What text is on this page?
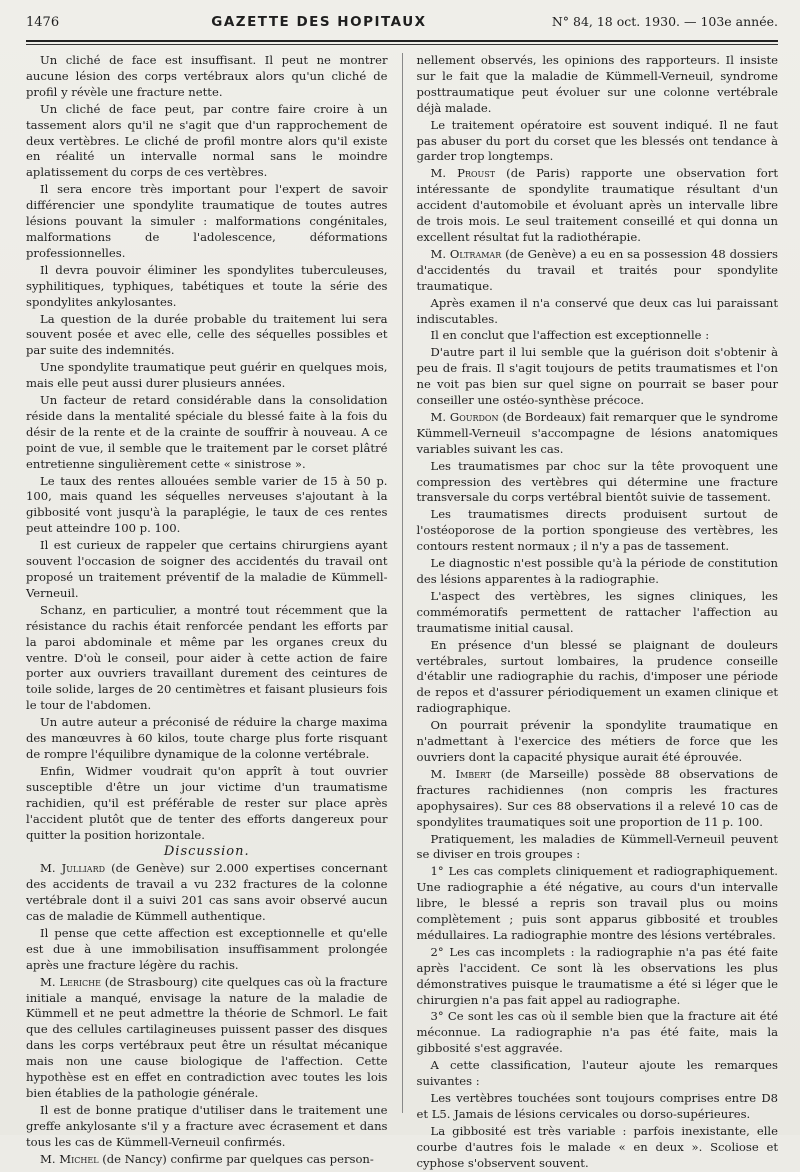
1476	GAZETTE DES HOPITAUX	N° 84, 18 oct. 1930. — 103e année.

Un cliché de face est insuffisant. Il peut ne montrer aucune lésion des corps vertébraux alors qu'un cliché de profil y révèle une fracture nette.

Un cliché de face peut, par contre faire croire à un tassement alors qu'il ne s'agit que d'un rapprochement de deux vertèbres. Le cliché de profil montre alors qu'il existe en réalité un intervalle normal sans le moindre aplatissement du corps de ces vertèbres.

Il sera encore très important pour l'expert de savoir différencier une spondylite traumatique de toutes autres lésions pouvant la simuler : malformations congénitales, malformations de l'adolescence, déformations professionnelles.

Il devra pouvoir éliminer les spondylites tuberculeuses, syphilitiques, typhiques, tabétiques et toute la série des spondylites ankylosantes.

La question de la durée probable du traitement lui sera souvent posée et avec elle, celle des séquelles possibles et par suite des indemnités.

Une spondylite traumatique peut guérir en quelques mois, mais elle peut aussi durer plusieurs années.

Un facteur de retard considérable dans la consolidation réside dans la mentalité spéciale du blessé faite à la fois du désir de la rente et de la crainte de souffrir à nouveau. A ce point de vue, il semble que le traitement par le corset plâtré entretienne singulièrement cette « sinistrose ».

Le taux des rentes allouées semble varier de 15 à 50 p. 100, mais quand les séquelles nerveuses s'ajoutant à la gibbosité vont jusqu'à la paraplégie, le taux de ces rentes peut atteindre 100 p. 100.

Il est curieux de rappeler que certains chirurgiens ayant souvent l'occasion de soigner des accidentés du travail ont proposé un traitement préventif de la maladie de Kümmell-Verneuil.

Schanz, en particulier, a montré tout récemment que la résistance du rachis était renforcée pendant les efforts par la paroi abdominale et même par les organes creux du ventre. D'où le conseil, pour aider à cette action de faire porter aux ouvriers travaillant durement des ceintures de toile solide, larges de 20 centimètres et faisant plusieurs fois le tour de l'abdomen.

Un autre auteur a préconisé de réduire la charge maxima des manœuvres à 60 kilos, toute charge plus forte risquant de rompre l'équilibre dynamique de la colonne vertébrale.

Enfin, Widmer voudrait qu'on apprît à tout ouvrier susceptible d'être un jour victime d'un traumatisme rachidien, qu'il est préférable de rester sur place après l'accident plutôt que de tenter des efforts dangereux pour quitter la position horizontale.

Discussion.

M. Julliard (de Genève) sur 2.000 expertises concernant des accidents de travail a vu 232 fractures de la colonne vertébrale dont il a suivi 201 cas sans avoir observé aucun cas de maladie de Kümmell authentique.

Il pense que cette affection est exceptionnelle et qu'elle est due à une immobilisation insuffisamment prolongée après une fracture légère du rachis.

M. Leriche (de Strasbourg) cite quelques cas où la fracture initiale a manqué, envisage la nature de la maladie de Kümmell et ne peut admettre la théorie de Schmorl. Le fait que des cellules cartilagineuses puissent passer des disques dans les corps vertébraux peut être un résultat mécanique mais non une cause biologique de l'affection. Cette hypothèse est en effet en contradiction avec toutes les lois bien établies de la pathologie générale.

Il est de bonne pratique d'utiliser dans le traitement une greffe ankylosante s'il y a fracture avec écrasement et dans tous les cas de Kümmell-Verneuil confirmés.

M. Michel (de Nancy) confirme par quelques cas person-

nellement observés, les opinions des rapporteurs. Il insiste sur le fait que la maladie de Kümmell-Verneuil, syndrome posttraumatique peut évoluer sur une colonne vertébrale déjà malade.

Le traitement opératoire est souvent indiqué. Il ne faut pas abuser du port du corset que les blessés ont tendance à garder trop longtemps.

M. Proust (de Paris) rapporte une observation fort intéressante de spondylite traumatique résultant d'un accident d'automobile et évoluant après un intervalle libre de trois mois. Le seul traitement conseillé et qui donna un excellent résultat fut la radiothérapie.

M. Oltramar (de Genève) a eu en sa possession 48 dossiers d'accidentés du travail et traités pour spondylite traumatique.

Après examen il n'a conservé que deux cas lui paraissant indiscutables.

Il en conclut que l'affection est exceptionnelle :

D'autre part il lui semble que la guérison doit s'obtenir à peu de frais. Il s'agit toujours de petits traumatismes et l'on ne voit pas bien sur quel signe on pourrait se baser pour conseiller une ostéo-synthèse précoce.

M. Gourdon (de Bordeaux) fait remarquer que le syndrome Kümmell-Verneuil s'accompagne de lésions anatomiques variables suivant les cas.

Les traumatismes par choc sur la tête provoquent une compression des vertèbres qui détermine une fracture transversale du corps vertébral bientôt suivie de tassement.

Les traumatismes directs produisent surtout de l'ostéoporose de la portion spongieuse des vertèbres, les contours restent normaux ; il n'y a pas de tassement.

Le diagnostic n'est possible qu'à la période de constitution des lésions apparentes à la radiographie.

L'aspect des vertèbres, les signes cliniques, les commémoratifs permettent de rattacher l'affection au traumatisme initial causal.

En présence d'un blessé se plaignant de douleurs vertébrales, surtout lombaires, la prudence conseille d'établir une radiographie du rachis, d'imposer une période de repos et d'assurer périodiquement un examen clinique et radiographique.

On pourrait prévenir la spondylite traumatique en n'admettant à l'exercice des métiers de force que les ouvriers dont la capacité physique aurait été éprouvée.

M. Imbert (de Marseille) possède 88 observations de fractures rachidiennes (non compris les fractures apophysaires). Sur ces 88 observations il a relevé 10 cas de spondylites traumatiques soit une proportion de 11 p. 100.

Pratiquement, les maladies de Kümmell-Verneuil peuvent se diviser en trois groupes :

1° Les cas complets cliniquement et radiographiquement. Une radiographie a été négative, au cours d'un intervalle libre, le blessé a repris son travail plus ou moins complètement ; puis sont apparus gibbosité et troubles médullaires. La radiographie montre des lésions vertébrales.

2° Les cas incomplets : la radiographie n'a pas été faite après l'accident. Ce sont là les observations les plus démonstratives puisque le traumatisme a été si léger que le chirurgien n'a pas fait appel au radiographe.

3° Ce sont les cas où il semble bien que la fracture ait été méconnue. La radiographie n'a pas été faite, mais la gibbosité s'est aggravée.

A cette classification, l'auteur ajoute les remarques suivantes :

Les vertèbres touchées sont toujours comprises entre D8 et L5. Jamais de lésions cervicales ou dorso-supérieures.

La gibbosité est très variable : parfois inexistante, elle courbe d'autres fois le malade « en deux ». Scoliose et cyphose s'observent souvent.
